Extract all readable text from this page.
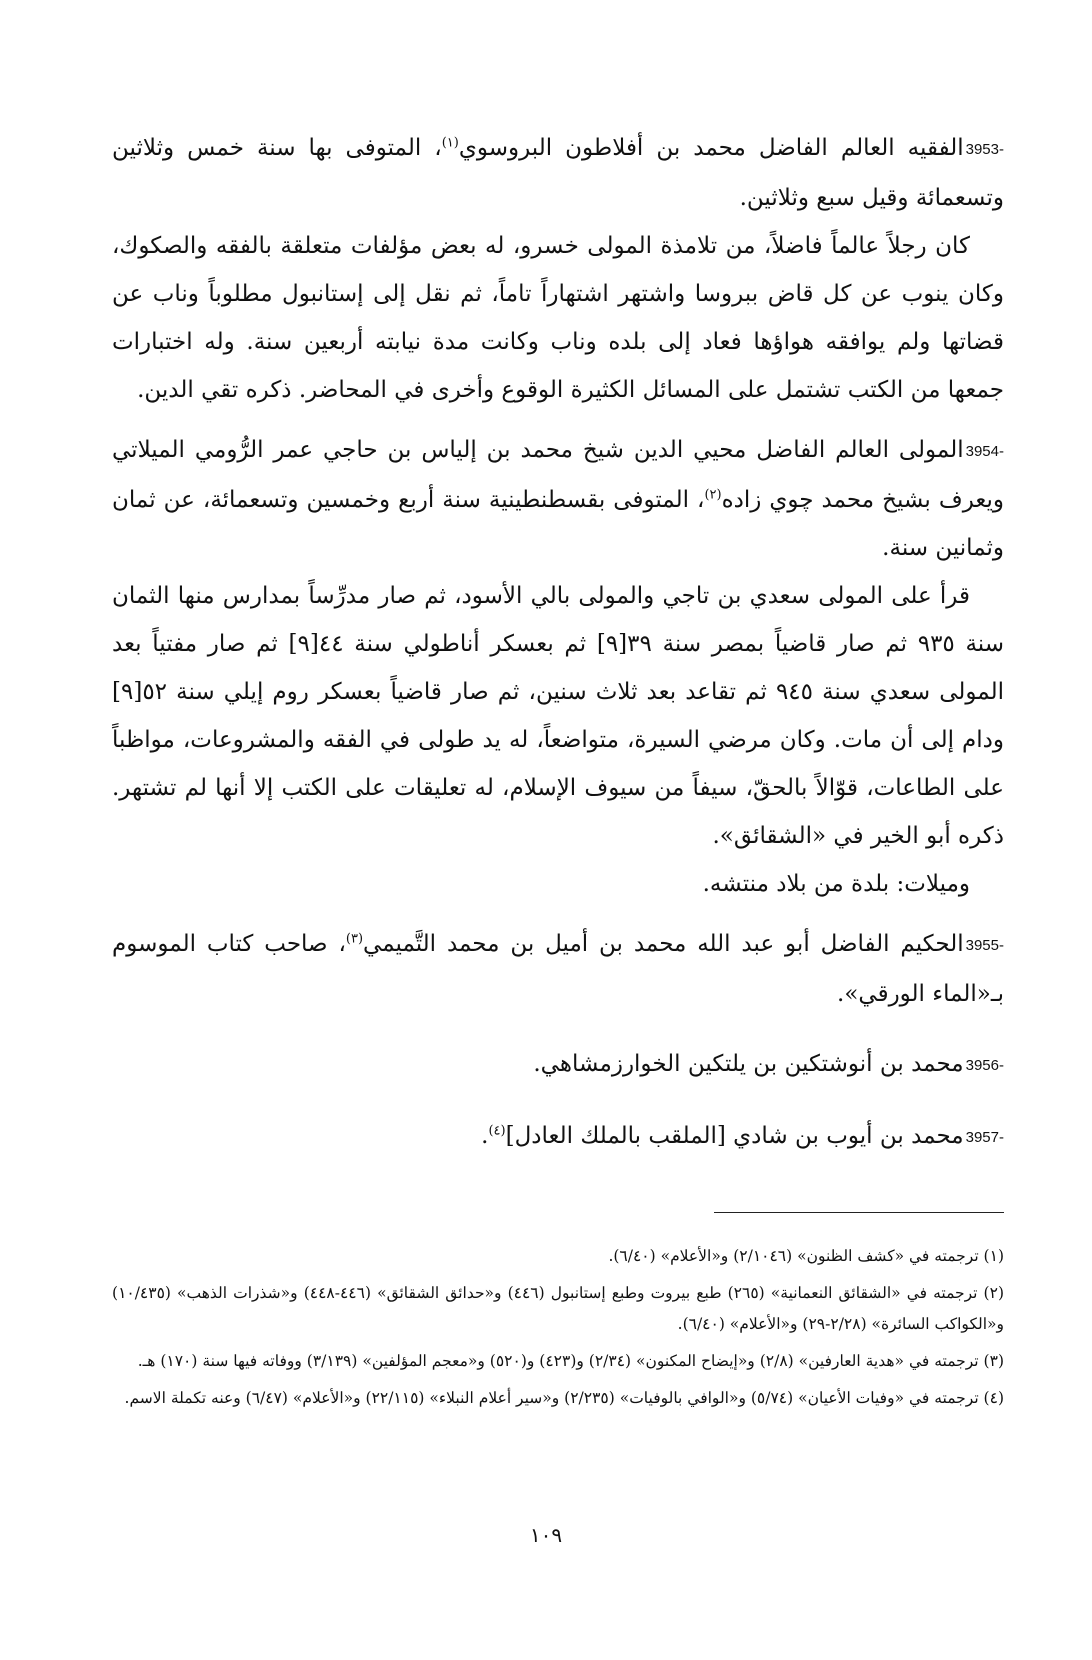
3953-الفقيه العالم الفاضل محمد بن أفلاطون البروسوي$^{(١)}$، المتوفى بها سنة خمس وثلاثين وتسعمائة وقيل سبع وثلاثين.

كان رجلاً عالماً فاضلاً، من تلامذة المولى خسرو، له بعض مؤلفات متعلقة بالفقه والصكوك، وكان ينوب عن كل قاض ببروسا واشتهر اشتهاراً تاماً، ثم نقل إلى إستانبول مطلوباً وناب عن قضاتها ولم يوافقه هواؤها فعاد إلى بلده وناب وكانت مدة نيابته أربعين سنة. وله اختبارات جمعها من الكتب تشتمل على المسائل الكثيرة الوقوع وأخرى في المحاضر. ذكره تقي الدين.

3954-المولى العالم الفاضل محيي الدين شيخ محمد بن إلياس بن حاجي عمر الرُّومي الميلاتي ويعرف بشيخ محمد چوي زاده$^{(٢)}$، المتوفى بقسطنطينية سنة أربع وخمسين وتسعمائة، عن ثمان وثمانين سنة.

قرأ على المولى سعدي بن تاجي والمولى بالي الأسود، ثم صار مدرِّساً بمدارس منها الثمان سنة ٩٣٥ ثم صار قاضياً بمصر سنة ٣٩[٩] ثم بعسكر أناطولي سنة ٤٤[٩] ثم صار مفتياً بعد المولى سعدي سنة ٩٤٥ ثم تقاعد بعد ثلاث سنين، ثم صار قاضياً بعسكر روم إيلي سنة ٥٢[٩] ودام إلى أن مات. وكان مرضي السيرة، متواضعاً، له يد طولى في الفقه والمشروعات، مواظباً على الطاعات، قوّالاً بالحقّ، سيفاً من سيوف الإسلام، له تعليقات على الكتب إلا أنها لم تشتهر. ذكره أبو الخير في «الشقائق».

وميلات: بلدة من بلاد منتشه.

3955-الحكيم الفاضل أبو عبد الله محمد بن أميل بن محمد التَّميمي$^{(٣)}$، صاحب كتاب الموسوم بـ«الماء الورقي».

3956-محمد بن أنوشتكين بن يلتكين الخوارزمشاهي.

3957-محمد بن أيوب بن شادي [الملقب بالملك العادل]$^{(٤)}$.

(١) ترجمته في «كشف الظنون» (٢/١٠٤٦) و«الأعلام» (٦/٤٠).

(٢) ترجمته في «الشقائق النعمانية» (٢٦٥) طبع بيروت وطبع إستانبول (٤٤٦) و«حدائق الشقائق» (٤٤٦-٤٤٨) و«شذرات الذهب» (١٠/٤٣٥) و«الكواكب السائرة» (٢/٢٨-٢٩) و«الأعلام» (٦/٤٠).

(٣) ترجمته في «هدية العارفين» (٢/٨) و«إيضاح المكنون» (٢/٣٤) و(٤٢٣) و(٥٢٠) و«معجم المؤلفين» (٣/١٣٩) ووفاته فيها سنة (١٧٠) هـ.

(٤) ترجمته في «وفيات الأعيان» (٥/٧٤) و«الوافي بالوفيات» (٢/٢٣٥) و«سير أعلام النبلاء» (٢٢/١١٥) و«الأعلام» (٦/٤٧) وعنه تكملة الاسم.

١٠٩
